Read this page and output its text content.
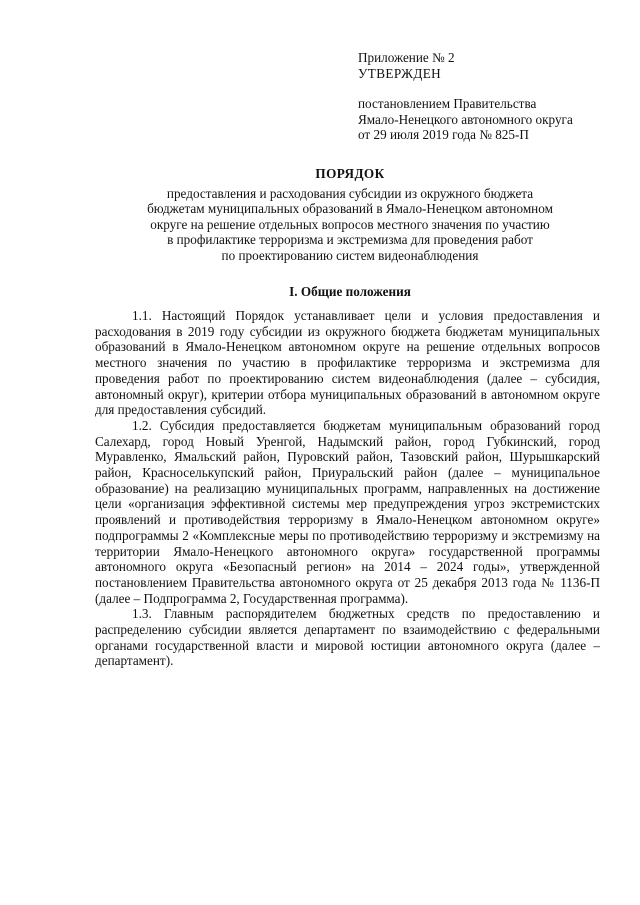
Приложение № 2
УТВЕРЖДЕН
постановлением Правительства
Ямало-Ненецкого автономного округа
от 29 июля 2019 года № 825-П
ПОРЯДОК
предоставления и расходования субсидии из окружного бюджета
бюджетам муниципальных образований в Ямало-Ненецком автономном
округе на решение отдельных вопросов местного значения по участию
в профилактике терроризма и экстремизма для проведения работ
по проектированию систем видеонаблюдения
I. Общие положения

1.1. Настоящий Порядок устанавливает цели и условия предоставления и расходования в 2019 году субсидии из окружного бюджета бюджетам муниципальных образований в Ямало-Ненецком автономном округе на решение отдельных вопросов местного значения по участию в профилактике терроризма и экстремизма для проведения работ по проектированию систем видеонаблюдения (далее – субсидия, автономный округ), критерии отбора муниципальных образований в автономном округе для предоставления субсидий.

1.2. Субсидия предоставляется бюджетам муниципальным образований город Салехард, город Новый Уренгой, Надымский район, город Губкинский, город Муравленко, Ямальский район, Пуровский район, Тазовский район, Шурышкарский район, Красноселькупский район, Приуральский район (далее – муниципальное образование) на реализацию муниципальных программ, направленных на достижение цели «организация эффективной системы мер предупреждения угроз экстремистских проявлений и противодействия терроризму в Ямало-Ненецком автономном округе» подпрограммы 2 «Комплексные меры по противодействию терроризму и экстремизму на территории Ямало-Ненецкого автономного округа» государственной программы автономного округа «Безопасный регион» на 2014 – 2024 годы», утвержденной постановлением Правительства автономного округа от 25 декабря 2013 года № 1136-П (далее – Подпрограмма 2, Государственная программа).

1.3. Главным распорядителем бюджетных средств по предоставлению и распределению субсидии является департамент по взаимодействию с федеральными органами государственной власти и мировой юстиции автономного округа (далее – департамент).
